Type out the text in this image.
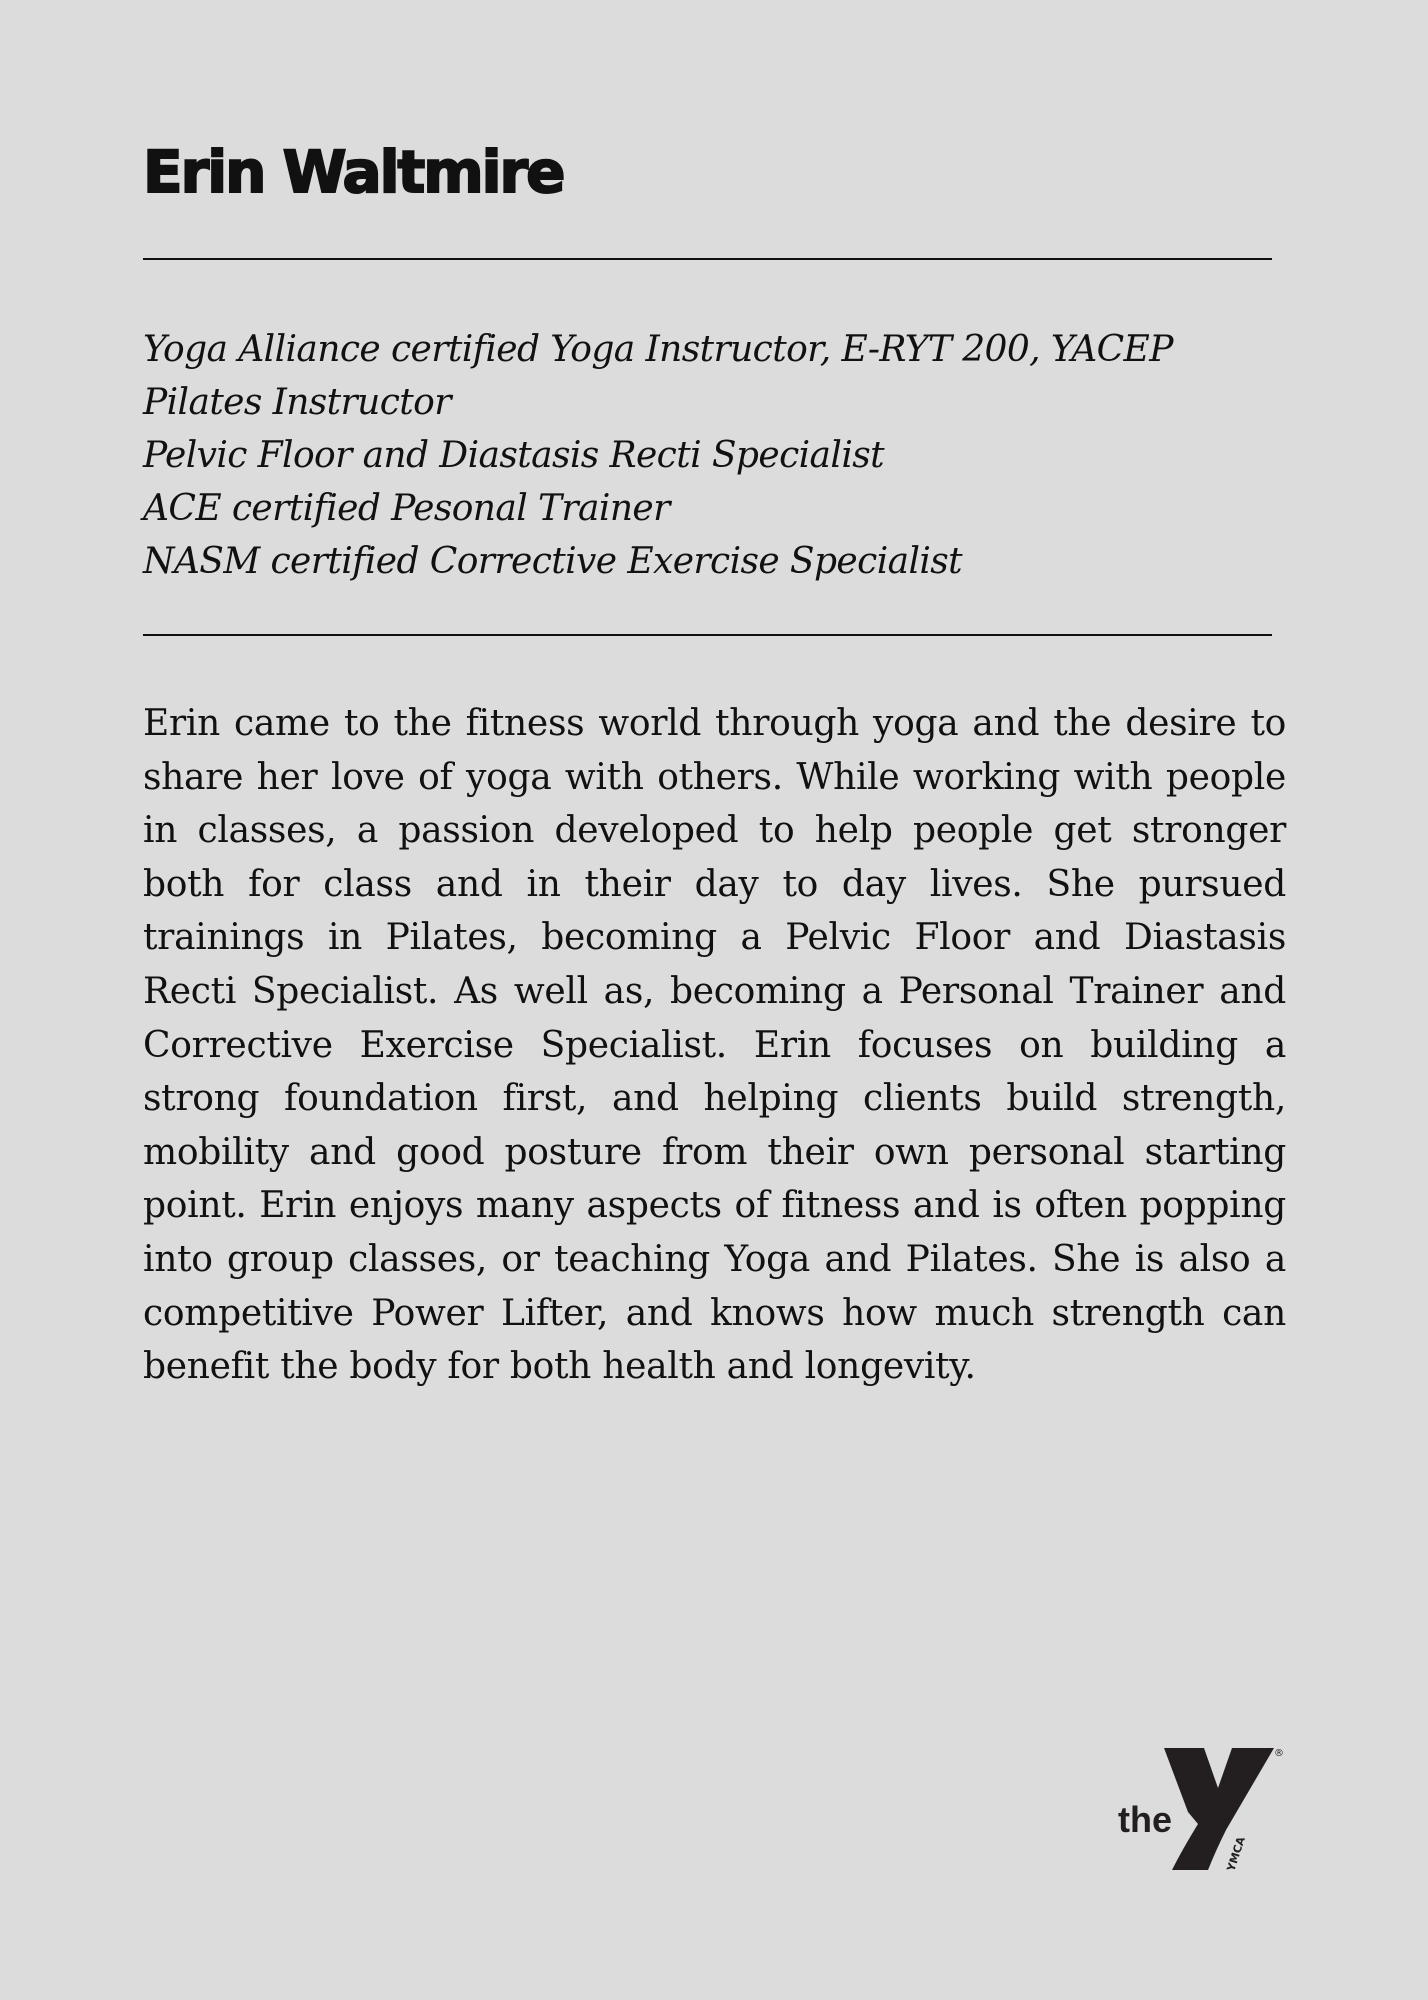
Erin Waltmire
Yoga Alliance certified Yoga Instructor, E-RYT 200, YACEP
Pilates Instructor
Pelvic Floor and Diastasis Recti Specialist
ACE certified Pesonal Trainer
NASM certified Corrective Exercise Specialist

Erin came to the fitness world through yoga and the desire to share her love of yoga with others. While working with people in classes, a passion developed to help people get stronger both for class and in their day to day lives. She pursued trainings in Pilates, becoming a Pelvic Floor and Diastasis Recti Specialist. As well as, becoming a Personal Trainer and Corrective Exercise Specialist. Erin focuses on building a strong foundation first, and helping clients build strength, mobility and good posture from their own personal starting point. Erin enjoys many aspects of fitness and is often popping into group classes, or teaching Yoga and Pilates. She is also a competitive Power Lifter, and knows how much strength can benefit the body for both health and longevity.

the
®
YMCA
